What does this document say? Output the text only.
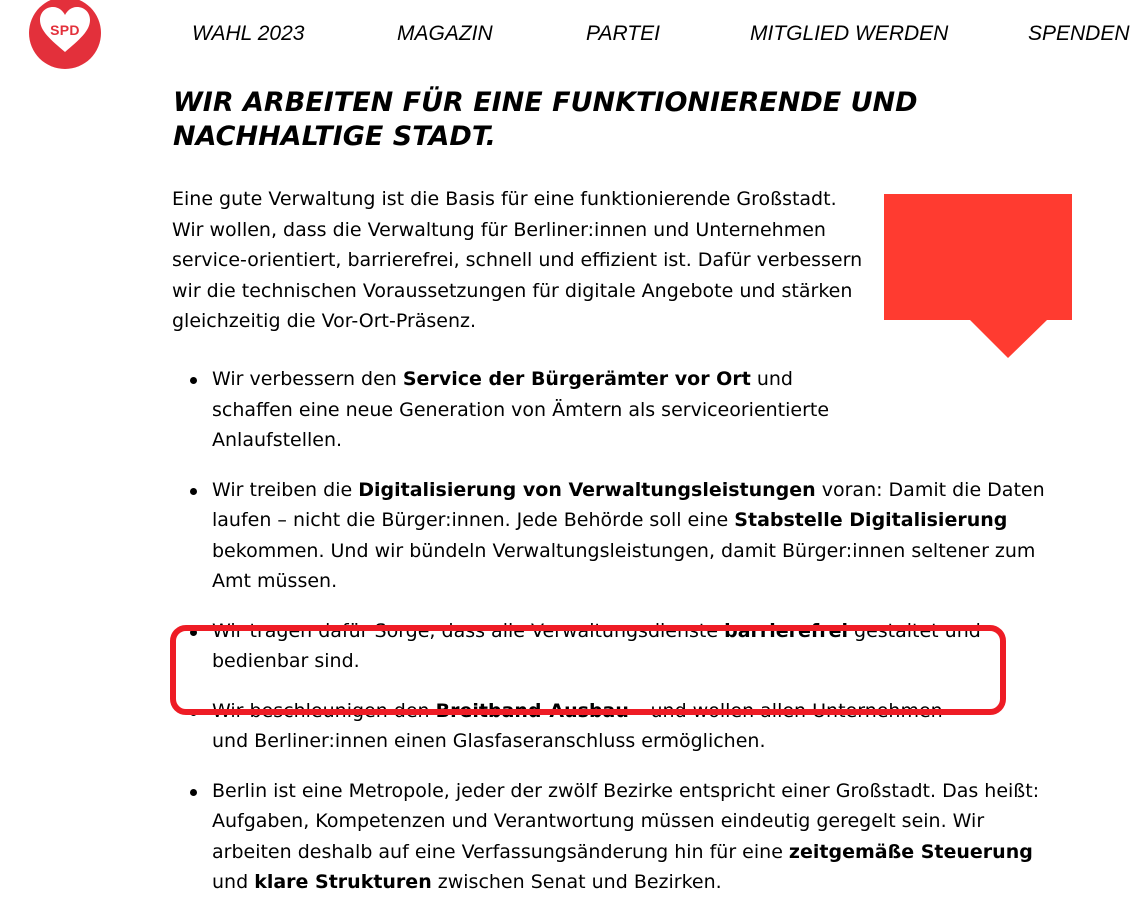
SPD	WAHL 2023	MAGAZIN	PARTEI	MITGLIED WERDEN	SPENDEN
WIR ARBEITEN FÜR EINE FUNKTIONIERENDE UND
NACHHALTIGE STADT.

Eine gute Verwaltung ist die Basis für eine funktionierende Großstadt. Wir wollen, dass die Verwaltung für Berliner:innen und Unternehmen service-orientiert, barrierefrei, schnell und effizient ist. Dafür verbessern wir die technischen Voraussetzungen für digitale Angebote und stärken gleichzeitig die Vor-Ort-Präsenz.

Wir verbessern den Service der Bürgerämter vor Ort und schaffen eine neue Generation von Ämtern als serviceorientierte Anlaufstellen.
Wir treiben die Digitalisierung von Verwaltungsleistungen voran: Damit die Daten laufen – nicht die Bürger:innen. Jede Behörde soll eine Stabstelle Digitalisierung bekommen. Und wir bündeln Verwaltungsleistungen, damit Bürger:innen seltener zum Amt müssen.
Wir tragen dafür Sorge, dass alle Verwaltungsdienste barrierefrei gestaltet und bedienbar sind.
Wir beschleunigen den Breitband-Ausbau – und wollen allen Unternehmen und Berliner:innen einen Glasfaseranschluss ermöglichen.
Berlin ist eine Metropole, jeder der zwölf Bezirke entspricht einer Großstadt. Das heißt: Aufgaben, Kompetenzen und Verantwortung müssen eindeutig geregelt sein. Wir arbeiten deshalb auf eine Verfassungsänderung hin für eine zeitgemäße Steuerung und klare Strukturen zwischen Senat und Bezirken.
